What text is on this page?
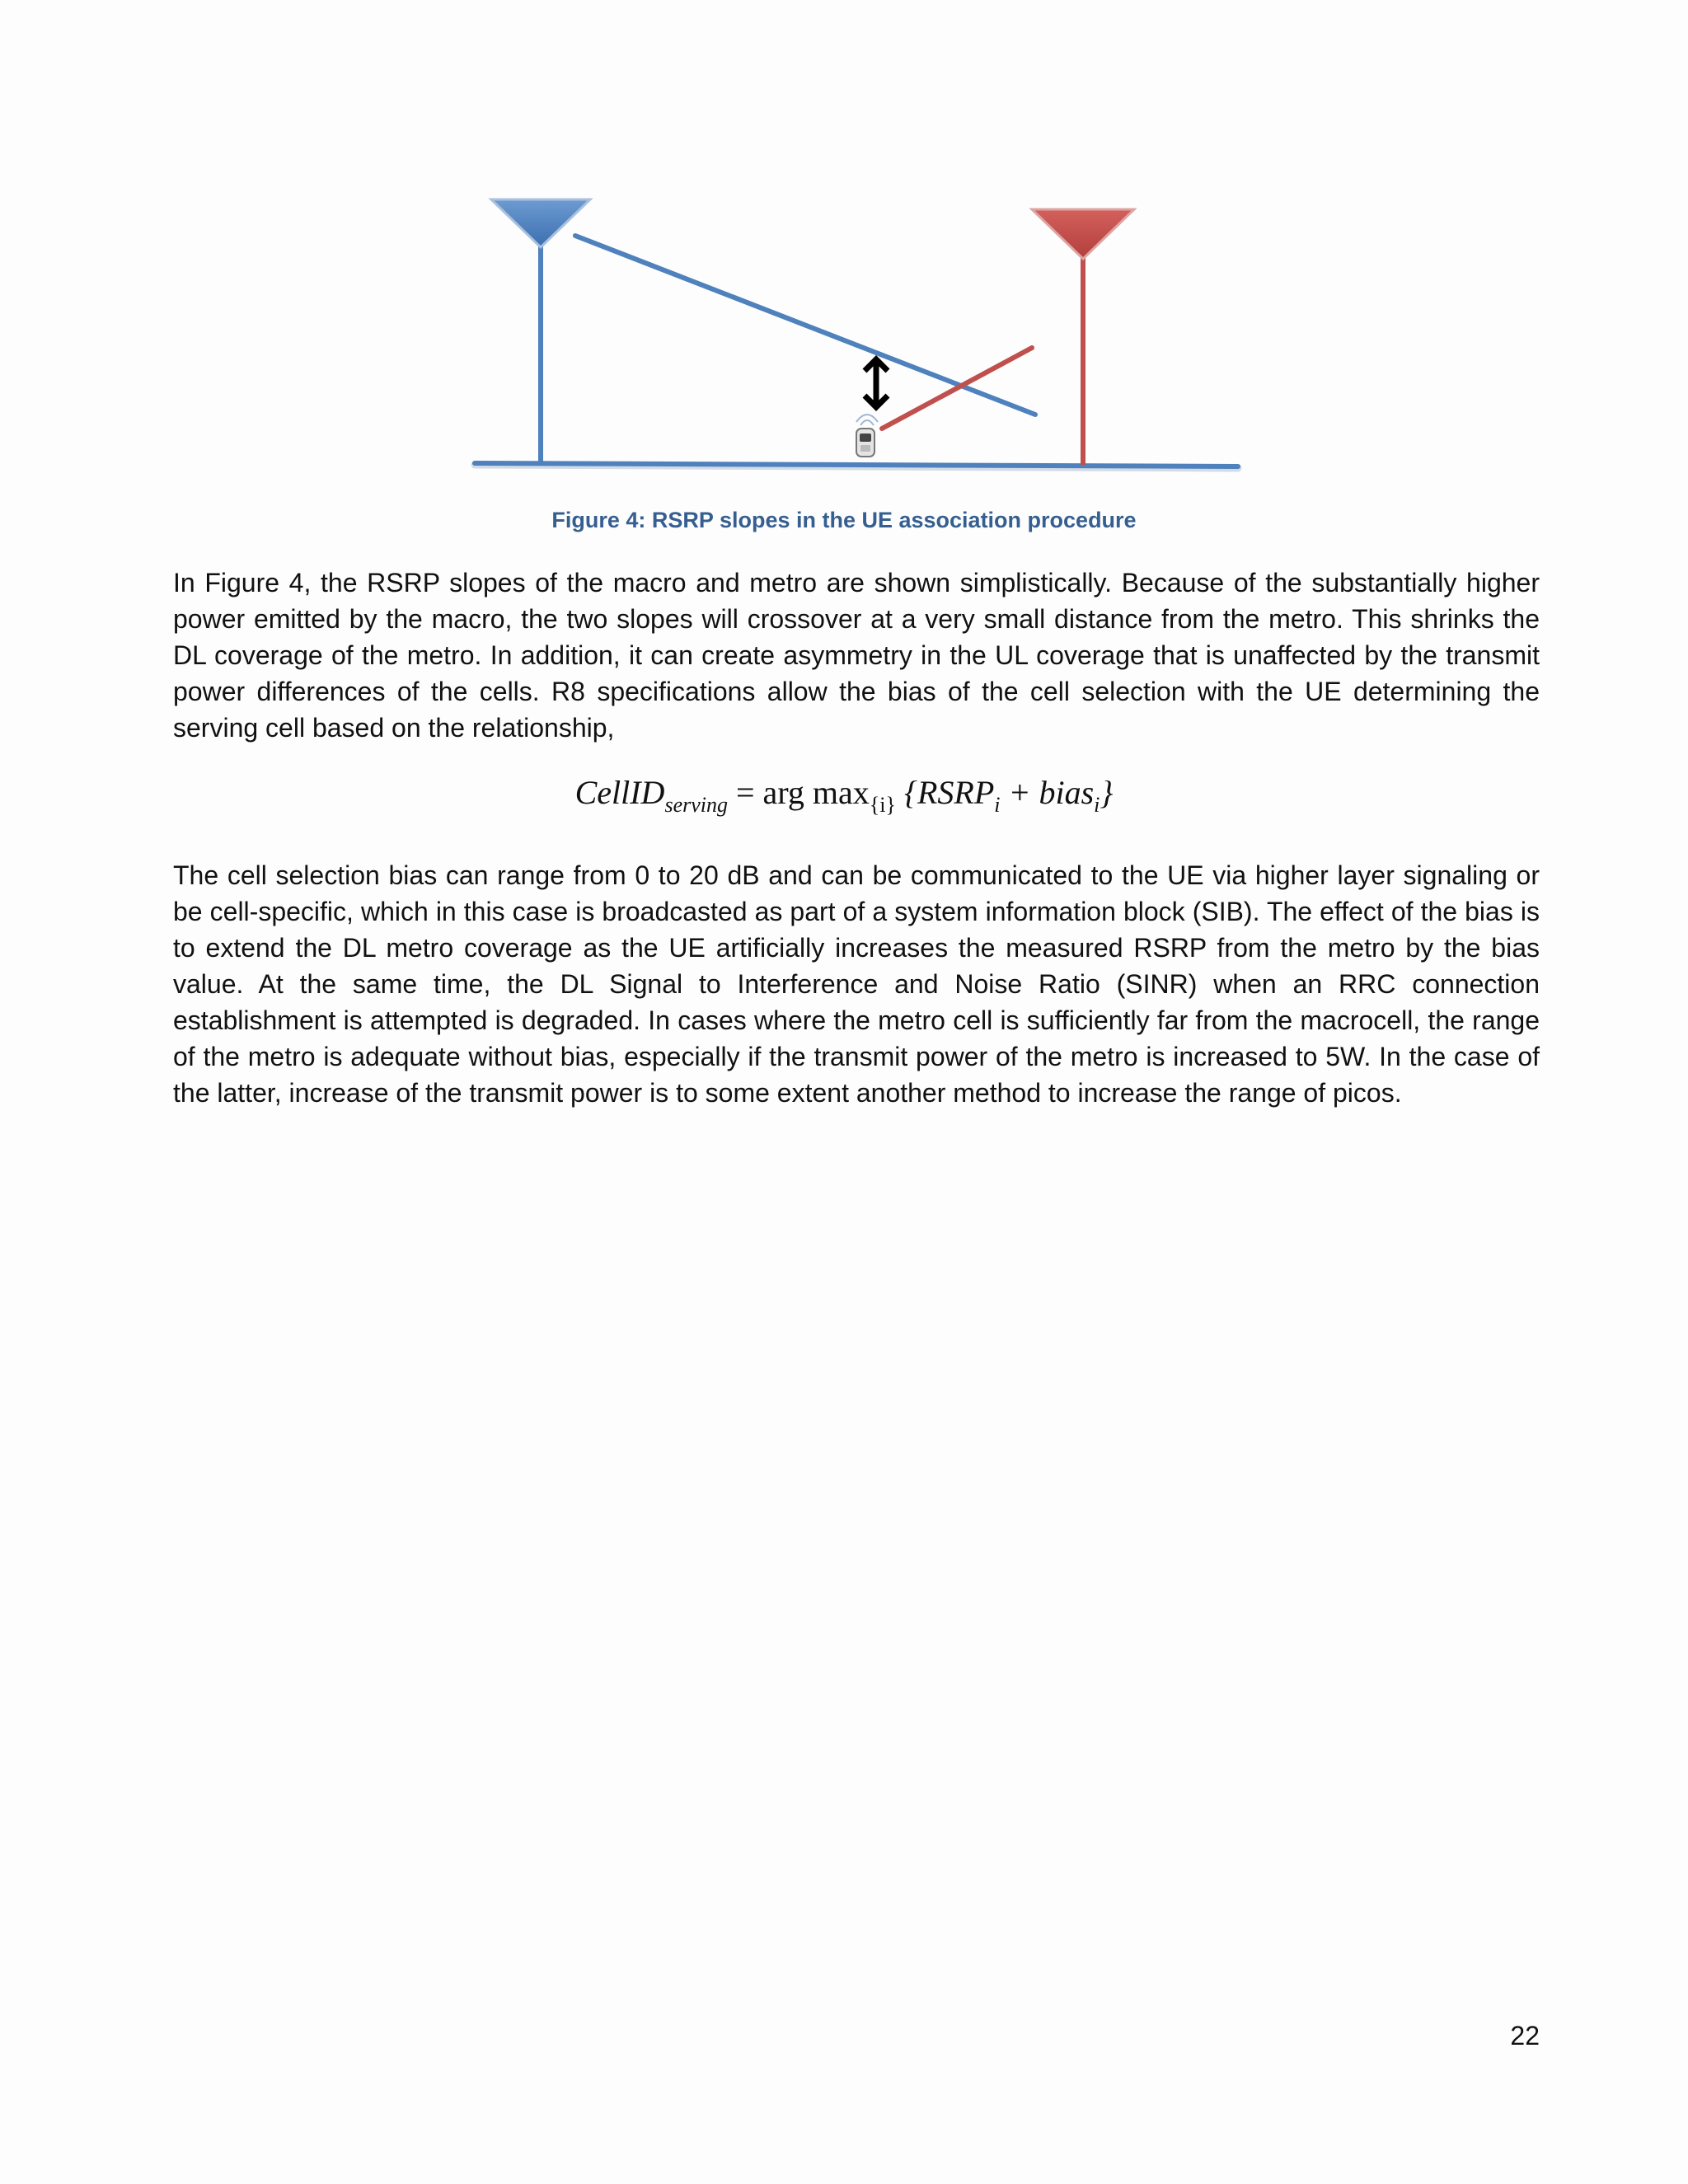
Figure 4: RSRP slopes in the UE association procedure

In Figure 4, the RSRP slopes of the macro and metro are shown simplistically. Because of the substantially higher power emitted by the macro, the two slopes will crossover at a very small distance from the metro. This shrinks the DL coverage of the metro. In addition, it can create asymmetry in the UL coverage that is unaffected by the transmit power differences of the cells. R8 specifications allow the bias of the cell selection with the UE determining the serving cell based on the relationship,

CellID$_{serving}$ = arg $\max_{\{i\}}$ {$RSRP_i$ + bias$_i$}

The cell selection bias can range from 0 to 20 dB and can be communicated to the UE via higher layer signaling or be cell-specific, which in this case is broadcasted as part of a system information block (SIB). The effect of the bias is to extend the DL metro coverage as the UE artificially increases the measured RSRP from the metro by the bias value. At the same time, the DL Signal to Interference and Noise Ratio (SINR) when an RRC connection establishment is attempted is degraded. In cases where the metro cell is sufficiently far from the macrocell, the range of the metro is adequate without bias, especially if the transmit power of the metro is increased to 5W. In the case of the latter, increase of the transmit power is to some extent another method to increase the range of picos.

22
